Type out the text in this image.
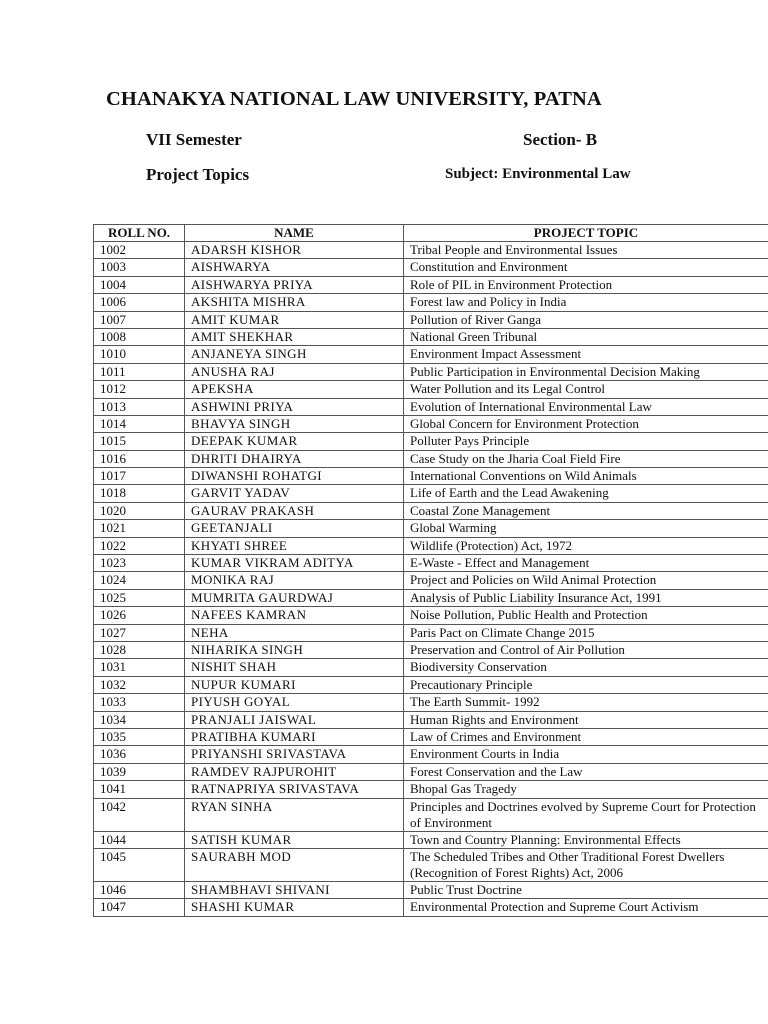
CHANAKYA NATIONAL LAW UNIVERSITY, PATNA
VII Semester	Section- B
Project Topics	Subject: Environmental Law
ROLL NO.	NAME	PROJECT TOPIC
1002	ADARSH KISHOR	Tribal People and Environmental Issues
1003	AISHWARYA	Constitution and Environment
1004	AISHWARYA PRIYA	Role of PIL in Environment Protection
1006	AKSHITA MISHRA	Forest law and Policy in India
1007	AMIT KUMAR	Pollution of River Ganga
1008	AMIT SHEKHAR	National Green Tribunal
1010	ANJANEYA SINGH	Environment Impact Assessment
1011	ANUSHA RAJ	Public Participation in Environmental Decision Making
1012	APEKSHA	Water Pollution and its Legal Control
1013	ASHWINI PRIYA	Evolution of International Environmental Law
1014	BHAVYA SINGH	Global Concern for Environment Protection
1015	DEEPAK KUMAR	Polluter Pays Principle
1016	DHRITI DHAIRYA	Case Study on the Jharia Coal Field Fire
1017	DIWANSHI ROHATGI	International Conventions on Wild Animals
1018	GARVIT YADAV	Life of Earth and the Lead Awakening
1020	GAURAV PRAKASH	Coastal Zone Management
1021	GEETANJALI	Global Warming
1022	KHYATI SHREE	Wildlife (Protection) Act, 1972
1023	KUMAR VIKRAM ADITYA	E-Waste - Effect and Management
1024	MONIKA RAJ	Project and Policies on Wild Animal Protection
1025	MUMRITA GAURDWAJ	Analysis of Public Liability Insurance Act, 1991
1026	NAFEES KAMRAN	Noise Pollution, Public Health and Protection
1027	NEHA	Paris Pact on Climate Change 2015
1028	NIHARIKA SINGH	Preservation and Control of Air Pollution
1031	NISHIT SHAH	Biodiversity Conservation
1032	NUPUR KUMARI	Precautionary Principle
1033	PIYUSH GOYAL	The Earth Summit- 1992
1034	PRANJALI JAISWAL	Human Rights and Environment
1035	PRATIBHA KUMARI	Law of Crimes and Environment
1036	PRIYANSHI SRIVASTAVA	Environment Courts in India
1039	RAMDEV RAJPUROHIT	Forest Conservation and the Law
1041	RATNAPRIYA SRIVASTAVA	Bhopal Gas Tragedy
1042	RYAN SINHA	Principles and Doctrines evolved by Supreme Court for Protection of Environment
1044	SATISH KUMAR	Town and Country Planning: Environmental Effects
1045	SAURABH MOD	The Scheduled Tribes and Other Traditional Forest Dwellers (Recognition of Forest Rights) Act, 2006
1046	SHAMBHAVI SHIVANI	Public Trust Doctrine
1047	SHASHI KUMAR	Environmental Protection and Supreme Court Activism
